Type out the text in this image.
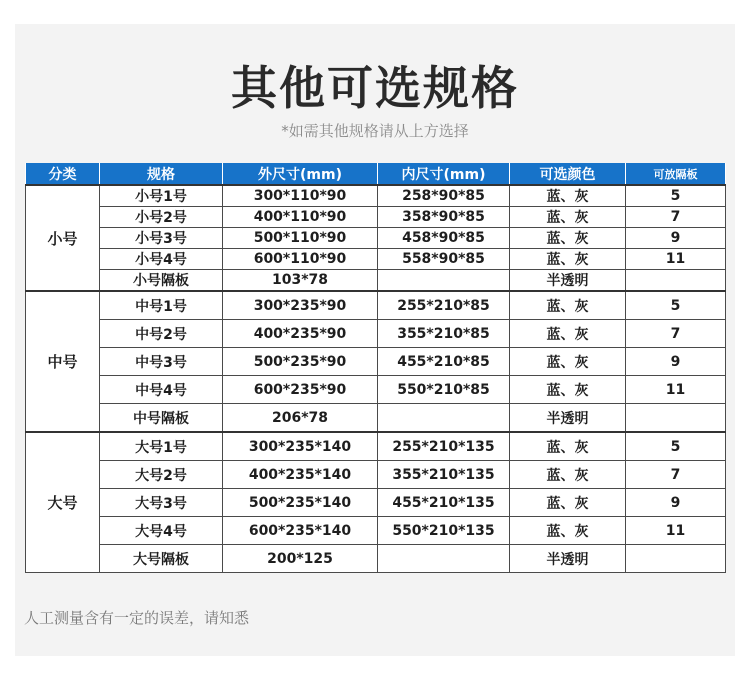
其他可选规格
*如需其他规格请从上方选择
分类	规格	外尺寸(mm)	内尺寸(mm)	可选颜色	可放隔板
小号	小号1号	300*110*90	258*90*85	蓝、灰	5
	小号2号	400*110*90	358*90*85	蓝、灰	7
	小号3号	500*110*90	458*90*85	蓝、灰	9
	小号4号	600*110*90	558*90*85	蓝、灰	11
	小号隔板	103*78		半透明	
中号	中号1号	300*235*90	255*210*85	蓝、灰	5
	中号2号	400*235*90	355*210*85	蓝、灰	7
	中号3号	500*235*90	455*210*85	蓝、灰	9
	中号4号	600*235*90	550*210*85	蓝、灰	11
	中号隔板	206*78		半透明	
大号	大号1号	300*235*140	255*210*135	蓝、灰	5
	大号2号	400*235*140	355*210*135	蓝、灰	7
	大号3号	500*235*140	455*210*135	蓝、灰	9
	大号4号	600*235*140	550*210*135	蓝、灰	11
	大号隔板	200*125		半透明	
人工测量含有一定的误差，请知悉
